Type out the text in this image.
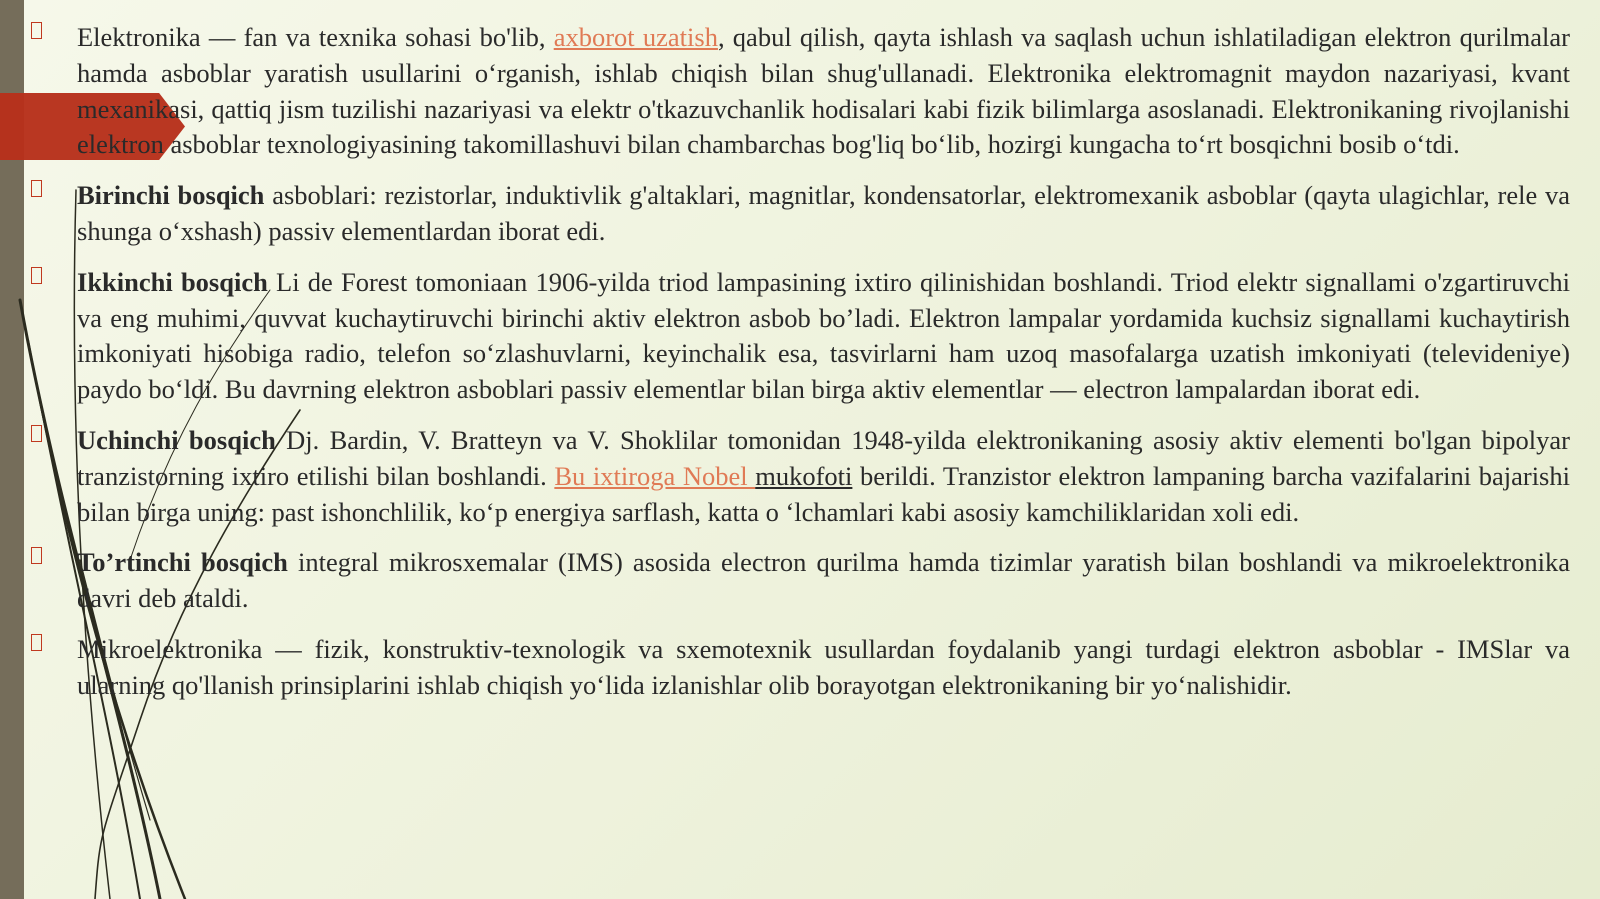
Elektronika — fan va texnika sohasi bo'lib, axborot uzatish, qabul qilish, qayta ishlash va saqlash uchun ishlatiladigan elektron qurilmalar hamda asboblar yaratish usullarini o‘rganish, ishlab chiqish bilan shug'ullanadi. Elektronika elektromagnit maydon nazariyasi, kvant mexanikasi, qattiq jism tuzilishi nazariyasi va elektr o'tkazuvchanlik hodisalari kabi fizik bilimlarga asoslanadi. Elektronikaning rivojlanishi elektron asboblar texnologiyasining takomillashuvi bilan chambarchas bog'liq bo‘lib, hozirgi kungacha to‘rt bosqichni bosib o‘tdi.

Birinchi bosqich asboblari: rezistorlar, induktivlik g'altaklari, magnitlar, kondensatorlar, elektromexanik asboblar (qayta ulagichlar, rele va shunga o‘xshash) passiv elementlardan iborat edi.

Ikkinchi bosqich Li de Forest tomoniaan 1906-yilda triod lampasining ixtiro qilinishidan boshlandi. Triod elektr signallami o'zgartiruvchi va eng muhimi, quvvat kuchaytiruvchi birinchi aktiv elektron asbob bo’ladi. Elektron lampalar yordamida kuchsiz signallami kuchaytirish imkoniyati hisobiga radio, telefon so‘zlashuvlarni, keyinchalik esa, tasvirlarni ham uzoq masofalarga uzatish imkoniyati (televideniye) paydo bo‘ldi. Bu davrning elektron asboblari passiv elementlar bilan birga aktiv elementlar — electron lampalardan iborat edi.

Uchinchi bosqich Dj. Bardin, V. Bratteyn va V. Shoklilar tomonidan 1948-yilda elektronikaning asosiy aktiv elementi bo'lgan bipolyar tranzistorning ixtiro etilishi bilan boshlandi. Bu ixtiroga Nobel mukofoti berildi. Tranzistor elektron lampaning barcha vazifalarini bajarishi bilan birga uning: past ishonchlilik, ko‘p energiya sarflash, katta o ‘lchamlari kabi asosiy kamchiliklaridan xoli edi.

To’rtinchi bosqich integral mikrosxemalar (IMS) asosida electron qurilma hamda tizimlar yaratish bilan boshlandi va mikroelektronika davri deb ataldi.

Mikroelektronika — fizik, konstruktiv-texnologik va sxemotexnik usullardan foydalanib yangi turdagi elektron asboblar - IMSlar va ularning qo'llanish prinsiplarini ishlab chiqish yo‘lida izlanishlar olib borayotgan elektronikaning bir yo‘nalishidir.
